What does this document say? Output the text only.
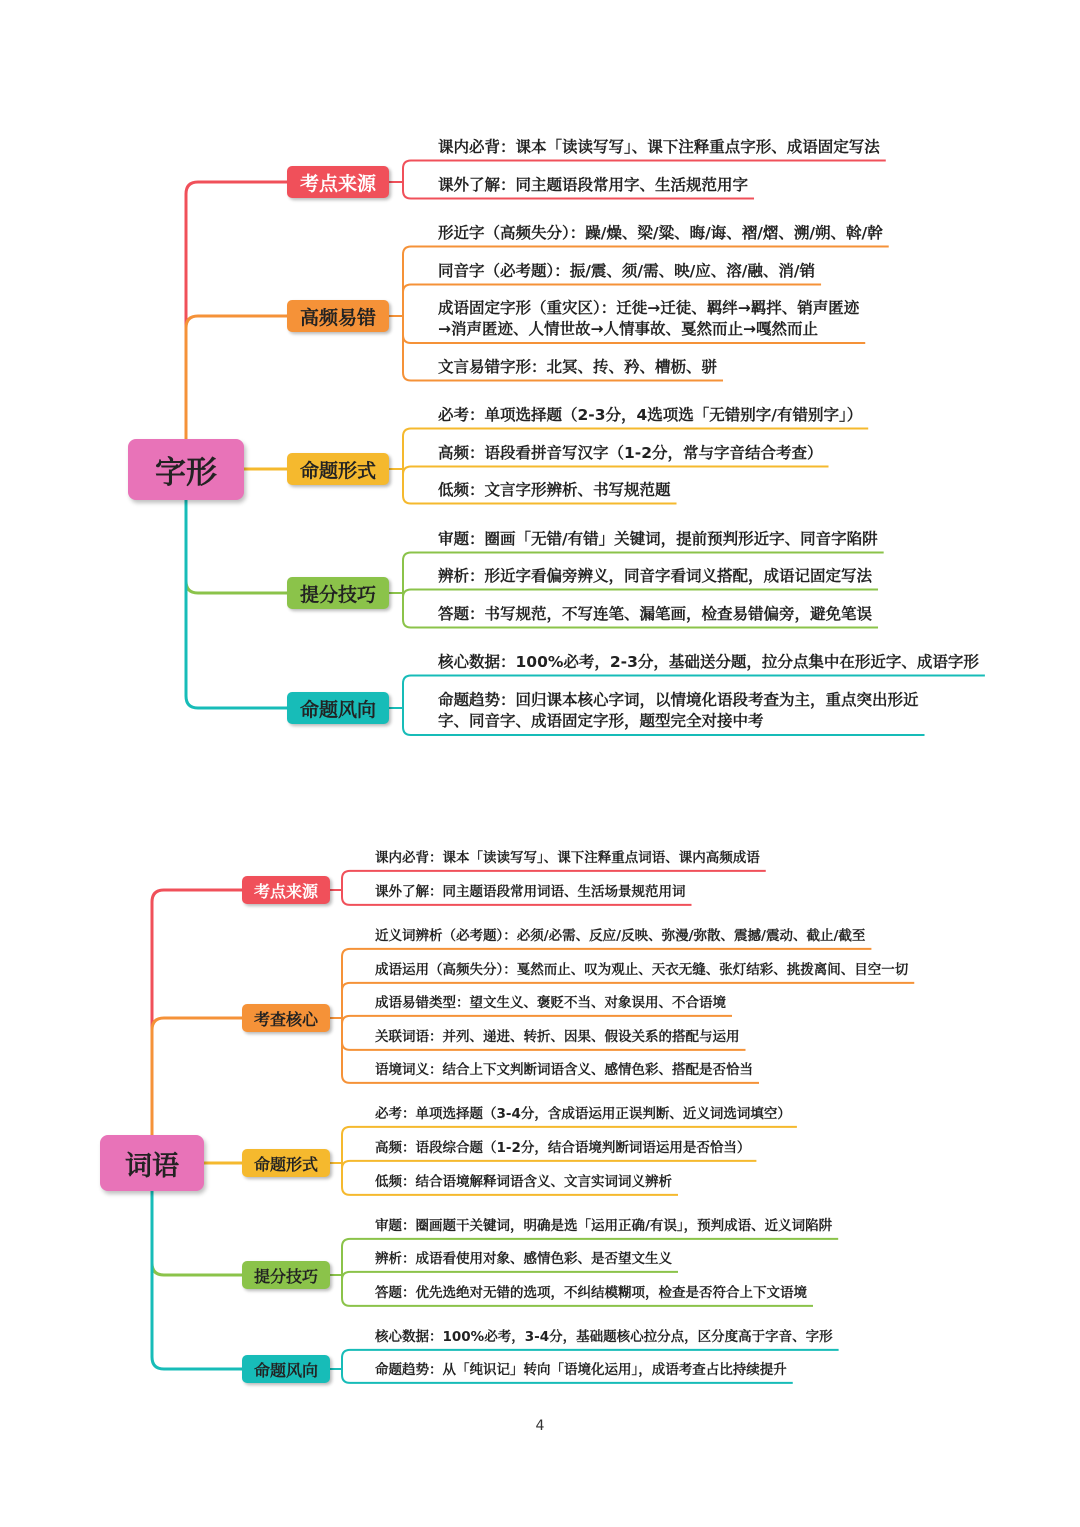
字形
考点来源
高频易错
命题形式
提分技巧
命题风向
课内必背：课本「读读写写」、课下注释重点字形、成语固定写法
课外了解：同主题语段常用字、生活规范用字
形近字（高频失分）：躁/燥、梁/粱、晦/诲、褶/熠、溯/朔、斡/幹
同音字（必考题）：振/震、须/需、映/应、溶/融、消/销
成语固定字形（重灾区）：迁徙→迁徒、羁绊→羁拌、销声匿迹
→消声匿迹、人情世故→人情事故、戛然而止→嘎然而止
文言易错字形：北冥、抟、矜、槽枥、骈
必考：单项选择题（2-3分，4选项选「无错别字/有错别字」）
高频：语段看拼音写汉字（1-2分，常与字音结合考查）
低频：文言字形辨析、书写规范题
审题：圈画「无错/有错」关键词，提前预判形近字、同音字陷阱
辨析：形近字看偏旁辨义，同音字看词义搭配，成语记固定写法
答题：书写规范，不写连笔、漏笔画，检查易错偏旁，避免笔误
核心数据：100%必考，2-3分，基础送分题，拉分点集中在形近字、成语字形
命题趋势：回归课本核心字词，以情境化语段考查为主，重点突出形近
字、同音字、成语固定字形，题型完全对接中考
词语
考点来源
考查核心
命题形式
提分技巧
命题风向
课内必背：课本「读读写写」、课下注释重点词语、课内高频成语
课外了解：同主题语段常用词语、生活场景规范用词
近义词辨析（必考题）：必须/必需、反应/反映、弥漫/弥散、震撼/震动、截止/截至
成语运用（高频失分）：戛然而止、叹为观止、天衣无缝、张灯结彩、挑拨离间、目空一切
成语易错类型：望文生义、褒贬不当、对象误用、不合语境
关联词语：并列、递进、转折、因果、假设关系的搭配与运用
语境词义：结合上下文判断词语含义、感情色彩、搭配是否恰当
必考：单项选择题（3-4分，含成语运用正误判断、近义词选词填空）
高频：语段综合题（1-2分，结合语境判断词语运用是否恰当）
低频：结合语境解释词语含义、文言实词词义辨析
审题：圈画题干关键词，明确是选「运用正确/有误」，预判成语、近义词陷阱
辨析：成语看使用对象、感情色彩、是否望文生义
答题：优先选绝对无错的选项，不纠结模糊项，检查是否符合上下文语境
核心数据：100%必考，3-4分，基础题核心拉分点，区分度高于字音、字形
命题趋势：从「纯识记」转向「语境化运用」，成语考查占比持续提升
4
